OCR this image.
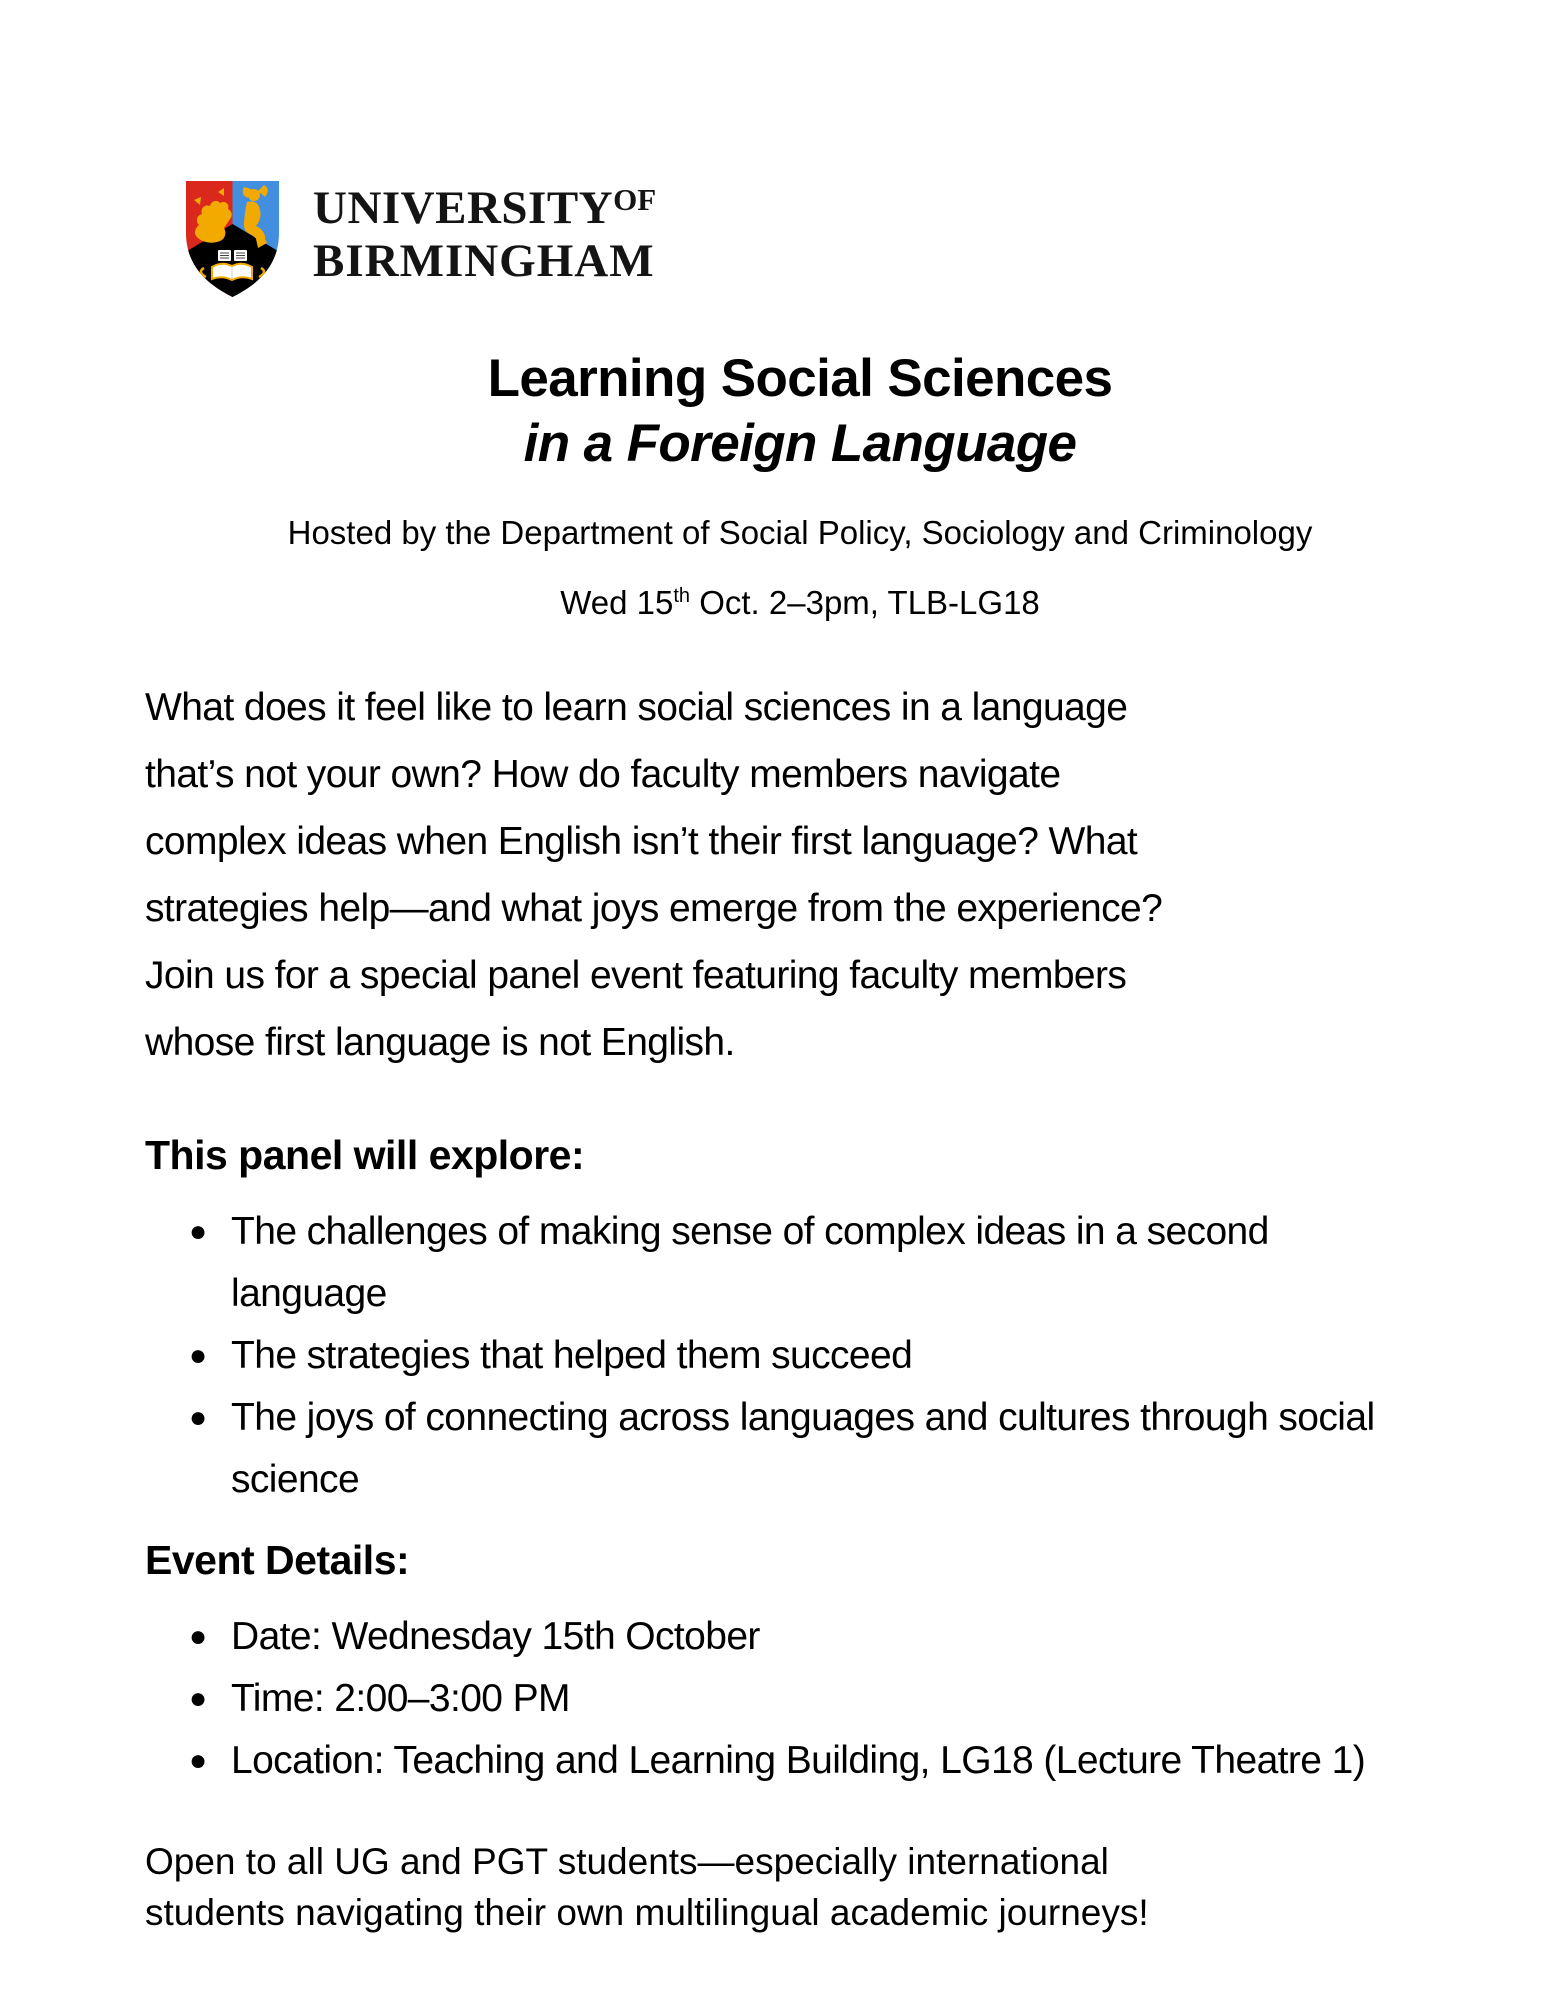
$UNIVERSITY^{OF}$
BIRMINGHAM
Learning Social Sciences
in a Foreign Language

Hosted by the Department of Social Policy, Sociology and Criminology

Wed 15th Oct. 2–3pm, TLB-LG18

What does it feel like to learn social sciences in a language
that’s not your own? How do faculty members navigate
complex ideas when English isn’t their first language? What
strategies help—and what joys emerge from the experience?
Join us for a special panel event featuring faculty members
whose first language is not English.
This panel will explore:
● The challenges of making sense of complex ideas in a second
language
● The strategies that helped them succeed
● The joys of connecting across languages and cultures through social
science
Event Details:
● Date: Wednesday 15th October
● Time: 2:00–3:00 PM
● Location: Teaching and Learning Building, LG18 (Lecture Theatre 1)
Open to all UG and PGT students—especially international
students navigating their own multilingual academic journeys!
